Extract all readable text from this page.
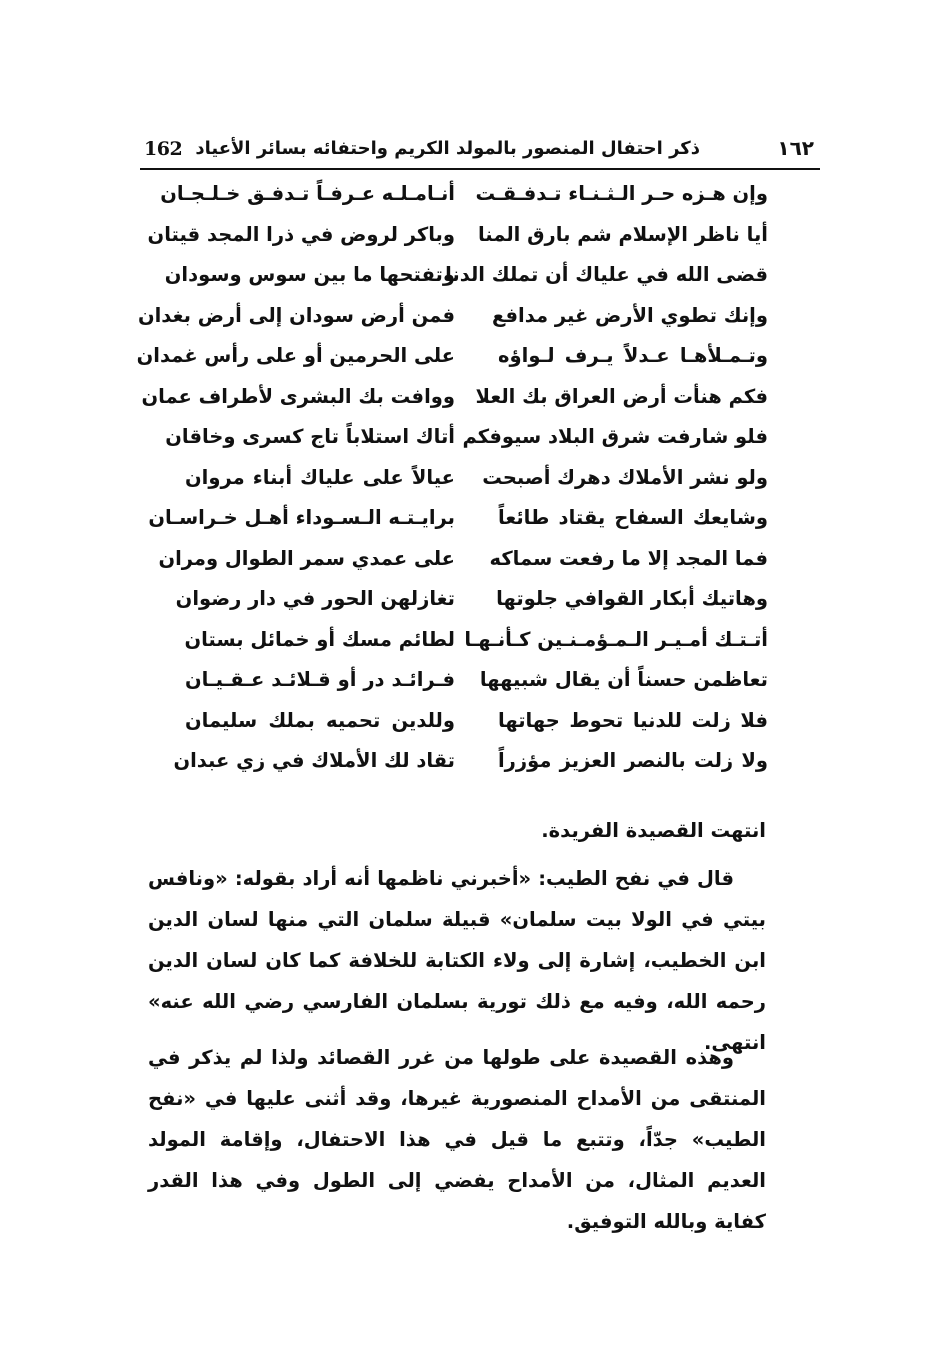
162 ذكر احتفال المنصور بالمولد الكريم واحتفائه بسائر الأعياد	١٦٢
وإن هـزه حـر الـثـنـاء تـدفـقـت
أنـامـلـه عـرفـاً تـدفـق خـلـجـان
أيا ناظر الإسلام شم بارق المنا
وباكر لروض في ذرا المجد قيتان
قضى الله في علياك أن تملك الدنا
وتفتحها ما بين سوس وسودان
وإنك تطوي الأرض غير مدافع
فمن أرض سودان إلى أرض بغدان
وتـمـلأهـا عـدلاً يـرف لـواؤه
على الحرمين أو على رأس غمدان
فكم هنأت أرض العراق بك العلا
ووافت بك البشرى لأطراف عمان
فلو شارفت شرق البلاد سيوفكم
أتاك استلاباً تاج كسرى وخاقان
ولو نشر الأملاك دهرك أصبحت
عيالاً على علياك أبناء مروان
وشايعك السفاح يقتاد طائعاً
برايـتـه الـسـوداء أهـل خـراسـان
فما المجد إلا ما رفعت سماكه
على عمدي سمر الطوال ومران
وهاتيك أبكار القوافي جلوتها
تغازلهن الحور في دار رضوان
أتـتـك أمـيـر الـمـؤمـنـين كـأنـهـا
لطائم مسك أو خمائل بستان
تعاظمن حسناً أن يقال شبيهها
فـرائـد در أو قـلائـد عـقـيـان
فلا زلت للدنيا تحوط جهاتها
وللدين تحميه بملك سليمان
ولا زلت بالنصر العزيز مؤزراً
تقاد لك الأملاك في زي عبدان
انتهت القصيدة الفريدة.
قال في نفح الطيب: «أخبرني ناظمها أنه أراد بقوله: «ونافس بيتي في الولا بيت سلمان» قبيلة سلمان التي منها لسان الدين ابن الخطيب، إشارة إلى ولاء الكتابة للخلافة كما كان لسان الدين رحمه الله، وفيه مع ذلك تورية بسلمان الفارسي رضي الله عنه» انتهى.
وهذه القصيدة على طولها من غرر القصائد ولذا لم يذكر في المنتقى من الأمداح المنصورية غيرها، وقد أثنى عليها في «نفح الطيب» جدّاً، وتتبع ما قيل في هذا الاحتفال، وإقامة المولد العديم المثال، من الأمداح يفضي إلى الطول وفي هذا القدر كفاية وبالله التوفيق.
